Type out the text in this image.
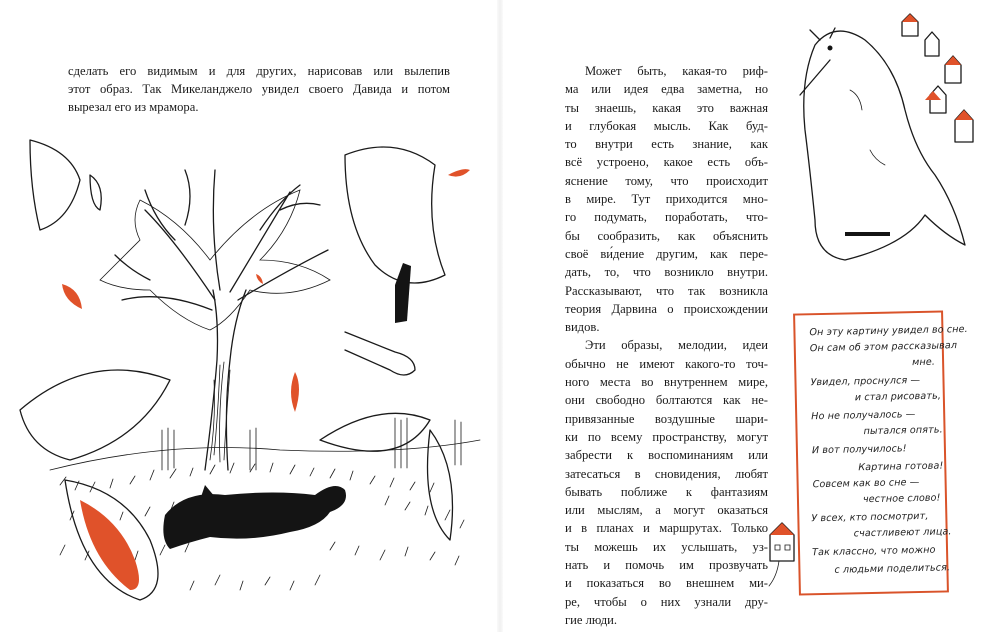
сделать его видимым и для других, нарисовав или вылепив
этот образ. Так Микеланджело увидел своего Давида и потом
вырезал его из мрамора.
Может быть, какая-то риф-
ма или идея едва заметна, но
ты знаешь, какая это важная
и глубокая мысль. Как буд-
то внутри есть знание, как
всё устроено, какое есть объ-
яснение тому, что происходит
в мире. Тут приходится мно-
го подумать, поработать, что-
бы сообразить, как объяснить
своё ви́дение другим, как пере-
дать, то, что возникло внутри.
Рассказывают, что так возникла
теория Дарвина о происхождении
видов.
Эти образы, мелодии, идеи
обычно не имеют какого-то точ-
ного места во внутреннем мире,
они свободно болтаются как не-
привязанные воздушные шари-
ки по всему пространству, могут
забрести к воспоминаниям или
затесаться в сновидения, любят
бывать поближе к фантазиям
или мыслям, а могут оказаться
и в планах и маршрутах. Только
ты можешь их услышать, уз-
нать и помочь им прозвучать
и показаться во внешнем ми-
ре, чтобы о них узнали дру-
гие люди.
Он эту картину увидел во сне.
Он сам об этом рассказывал
мне.
Увидел, проснулся —
и стал рисовать,
Но не получалось —
пытался опять.
И вот получилось!
Картина готова!
Совсем как во сне —
честное слово!
У всех, кто посмотрит,
счастливеют лица.
Так классно, что можно
с людьми поделиться.
